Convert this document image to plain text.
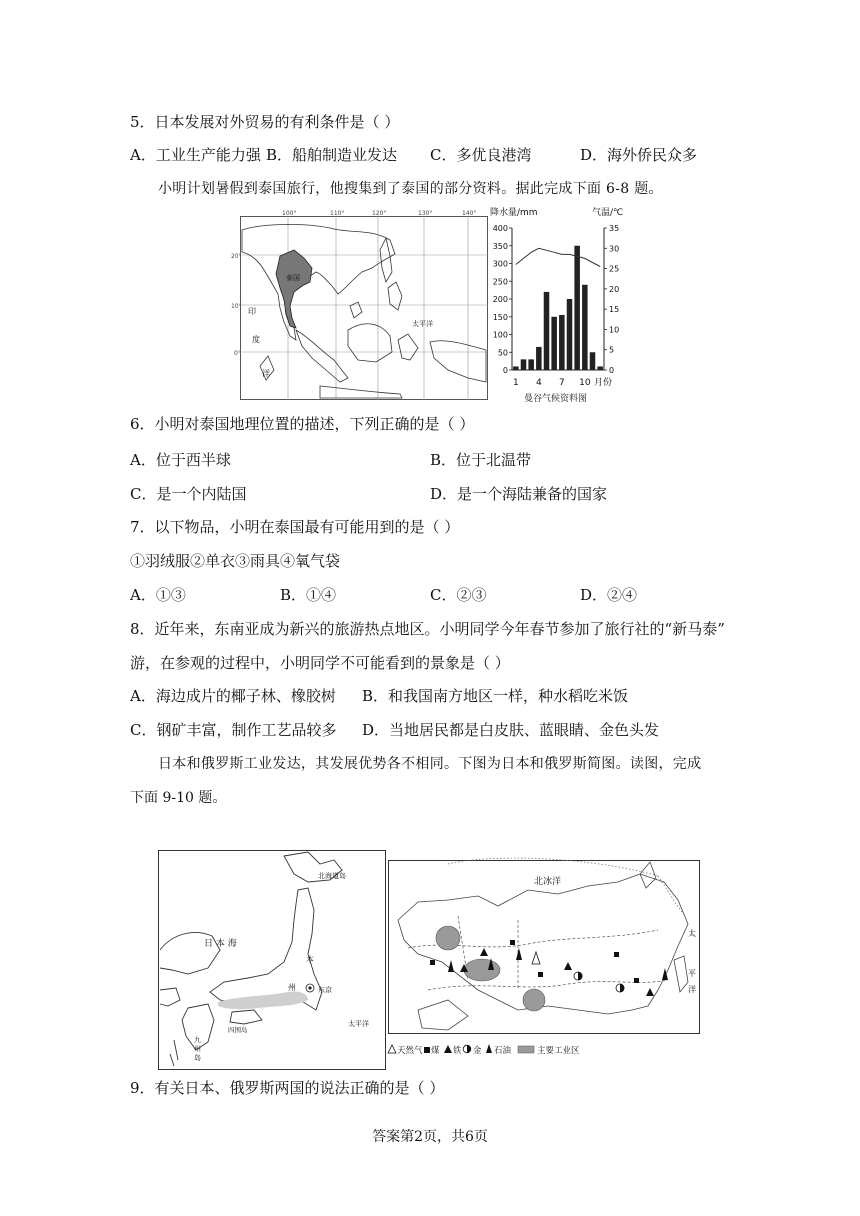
5．日本发展对外贸易的有利条件是（ ）
A．工业生产能力强 B．船舶制造业发达 C．多优良港湾	D．海外侨民众多
小明计划暑假到泰国旅行，他搜集到了泰国的部分资料。据此完成下面 6-8 题。
100°	110°	120°	130°	140°
20°
10°
0°
泰国
太平洋
印
度
洋
降水量/mm	气温/℃
0
50
100
150
200
250
300
350
400
0
5
10
15
20
25
30
35
1 4 7 10 月份
曼谷气候资料图
6．小明对泰国地理位置的描述，下列正确的是（ ）
A．位于西半球	B．位于北温带
C．是一个内陆国	D．是一个海陆兼备的国家
7．以下物品，小明在泰国最有可能用到的是（ ）
①羽绒服②单衣③雨具④氧气袋
A．①③	B．①④	C．②③	D．②④
8．近年来，东南亚成为新兴的旅游热点地区。小明同学今年春节参加了旅行社的“新马泰”
游，在参观的过程中，小明同学不可能看到的景象是（ ）
A．海边成片的椰子林、橡胶树 B．和我国南方地区一样，种水稻吃米饭
C．钢矿丰富，制作工艺品较多 D．当地居民都是白皮肤、蓝眼睛、金色头发
日本和俄罗斯工业发达，其发展优势各不相同。下图为日本和俄罗斯简图。读图，完成
下面 9-10 题。
日 本 海
北海道岛
本
州	东京
太平洋
四国岛
九
州
岛
北冰洋
太
平
洋
天然气 煤 铁 金 石油	主要工业区
9．有关日本、俄罗斯两国的说法正确的是（ ）
答案第2页，共6页
